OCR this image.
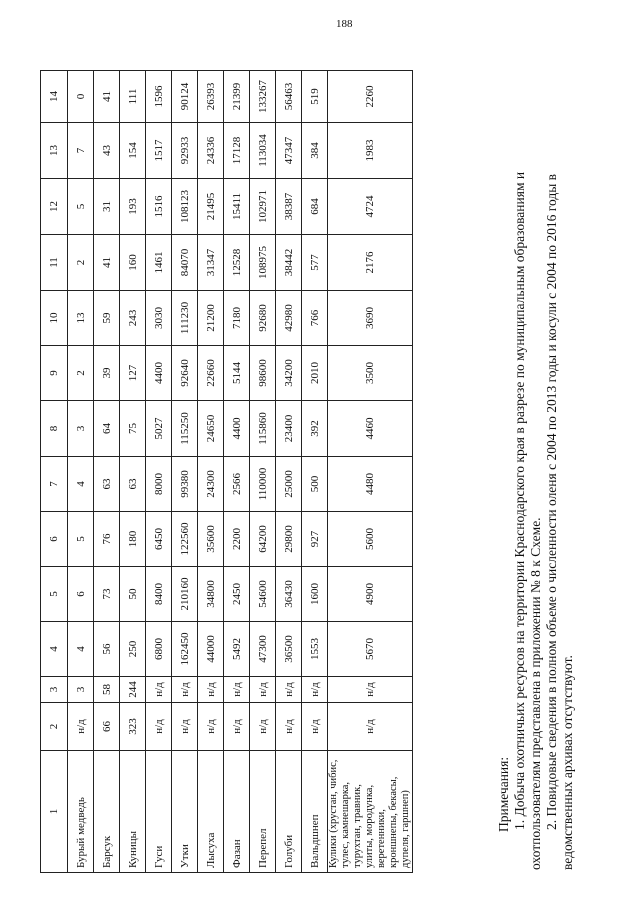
188
1	2	3	4	5	6	7	8	9	10	11	12	13	14
Бурый медведь	н/д	3	4	6	5	4	3	2	13	2	5	7	0
Барсук	66	58	56	73	76	63	64	39	59	41	31	43	41
Куницы	323	244	250	50	180	63	75	127	243	160	193	154	111
Гуси	н/д	н/д	6800	8400	6450	8000	5027	4400	3030	1461	1516	1517	1596
Утки	н/д	н/д	162450	210160	122560	99380	115250	92640	111230	84070	108123	92933	90124
Лысуха	н/д	н/д	44000	34800	35600	24300	24650	22660	21200	31347	21495	24336	26393
Фазан	н/д	н/д	5492	2450	2200	2566	4400	5144	7180	12528	15411	17128	21399
Перепел	н/д	н/д	47300	54600	64200	110000	115860	98600	92680	108975	102971	113034	133267
Голуби	н/д	н/д	36500	36430	29800	25000	23400	34200	42980	38442	38387	47347	56463
Вальдшнеп	н/д	н/д	1553	1600	927	500	392	2010	766	577	684	384	519
Кулики (хрустан, чибис, тулес, камнешарка, турухтан, травник, улиты, мородунка, веретенники, кроншнепы, бекасы, дупеля, гаршнеп)	н/д	н/д	5670	4900	5600	4480	4460	3500	3690	2176	4724	1983	2260

Примечания: 1. Добыча охотничьих ресурсов на территории Краснодарского края в разрезе по муниципальным образованиям и охотпользователям представлена в приложении № 8 к Схеме. 2. Повидовые сведения в полном объеме о численности оленя с 2004 по 2013 годы и косули с 2004 по 2016 годы в ведомственных архивах отсутствуют.
